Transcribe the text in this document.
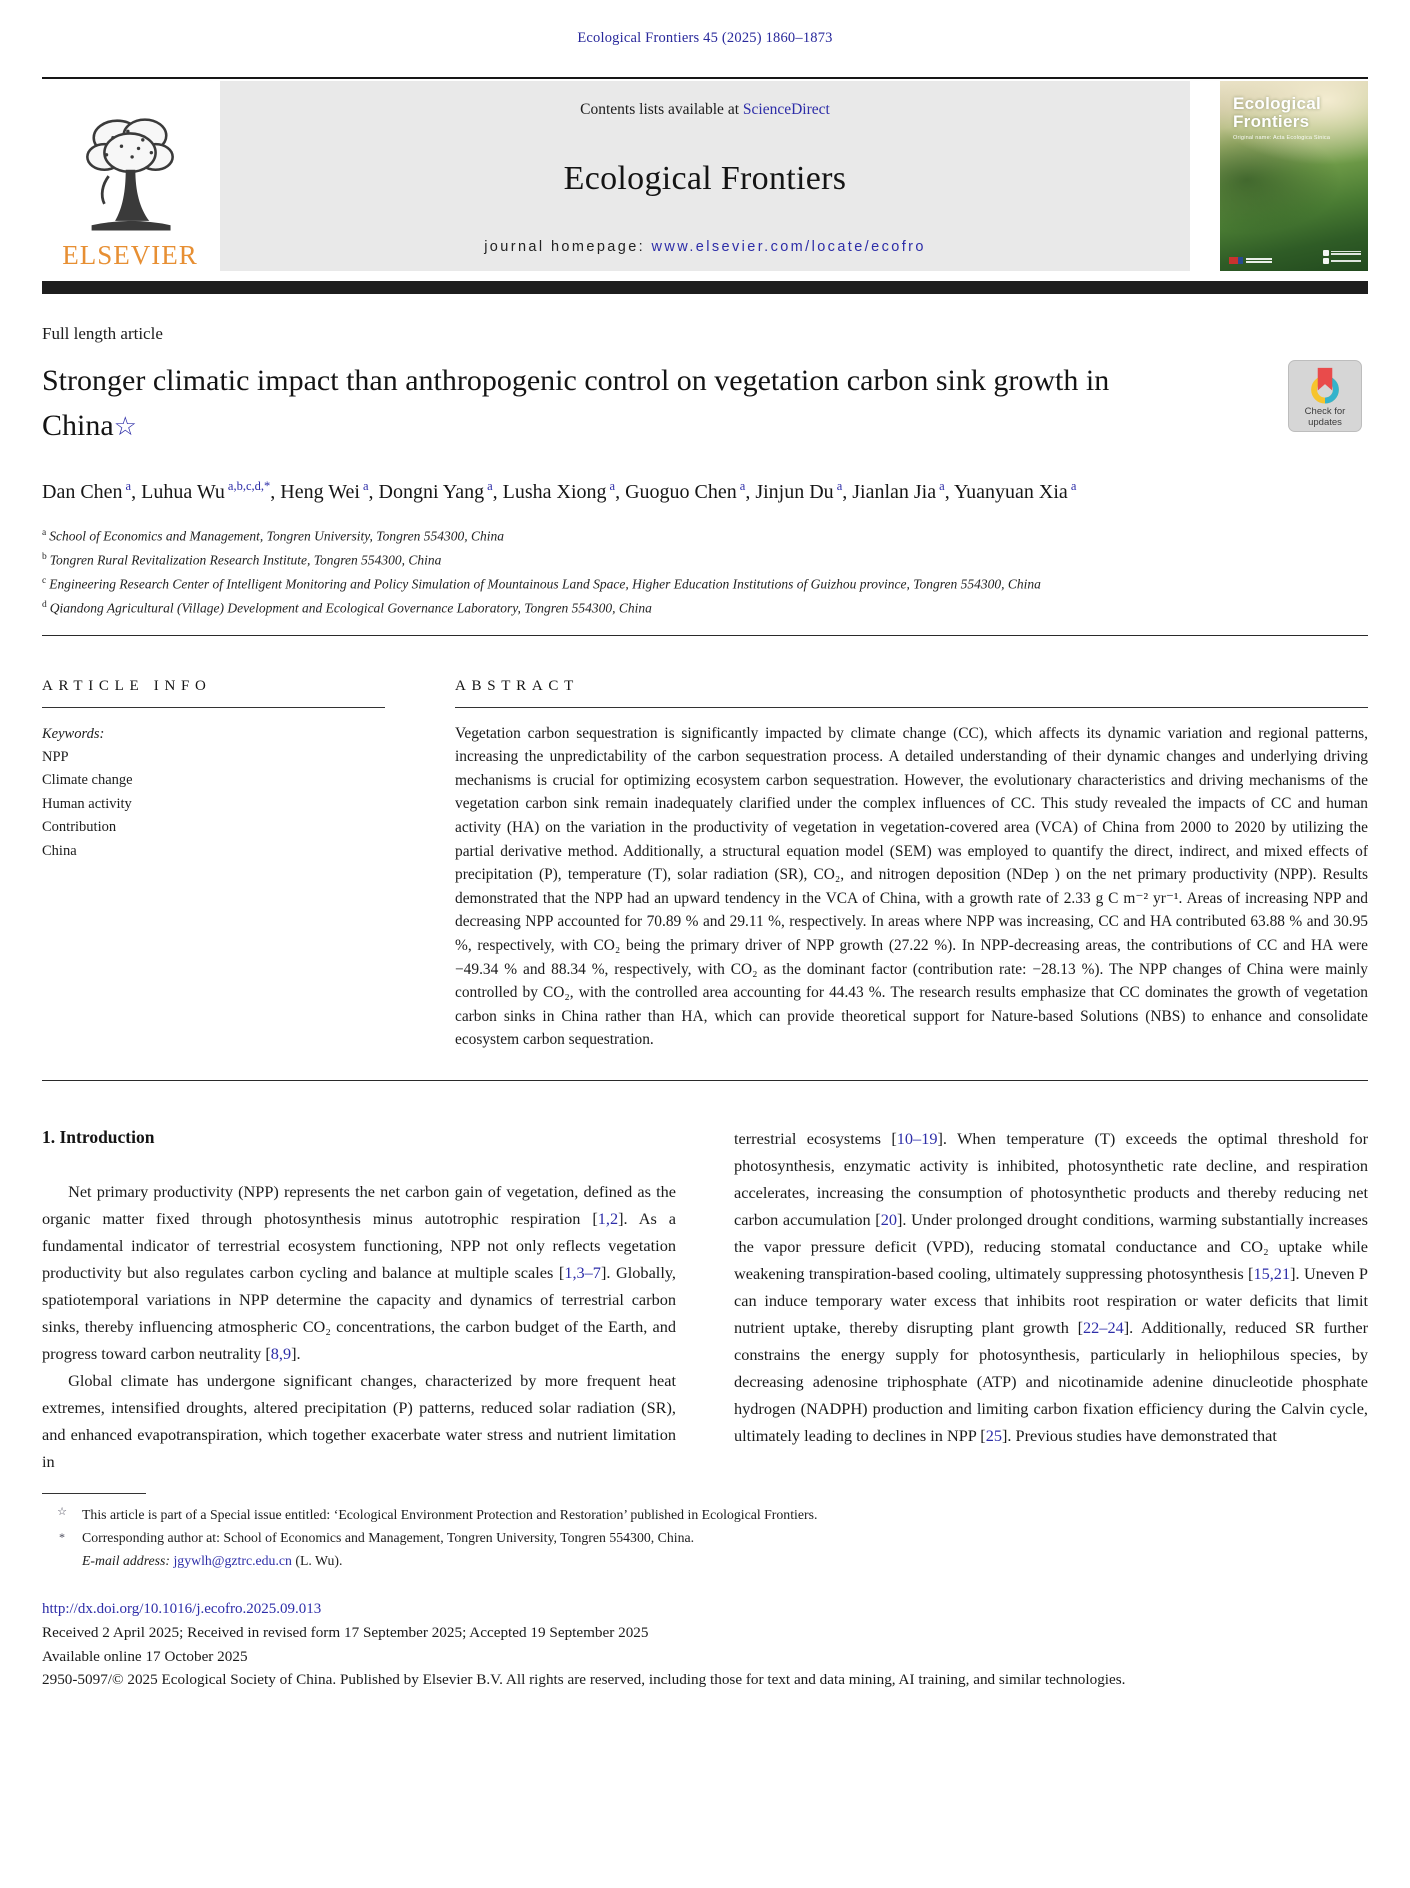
Ecological Frontiers 45 (2025) 1860–1873
ELSEVIER
Contents lists available at ScienceDirect
Ecological Frontiers
journal homepage: www.elsevier.com/locate/ecofro
Ecological
Frontiers
Original name: Acta Ecologica Sinica
Full length article
Stronger climatic impact than anthropogenic control on vegetation carbon sink growth in China☆
Check for
updates
Dan Chen $^a$, Luhua Wu $^{a,b,c,d,*}$, Heng Wei $^a$, Dongni Yang $^a$, Lusha Xiong $^a$, Guoguo Chen $^a$, Jinjun Du $^a$, Jianlan Jia $^a$, Yuanyuan Xia $^a$
$^a$ School of Economics and Management, Tongren University, Tongren 554300, China
$^b$ Tongren Rural Revitalization Research Institute, Tongren 554300, China
$^c$ Engineering Research Center of Intelligent Monitoring and Policy Simulation of Mountainous Land Space, Higher Education Institutions of Guizhou province, Tongren 554300, China
$^d$ Qiandong Agricultural (Village) Development and Ecological Governance Laboratory, Tongren 554300, China
ARTICLE INFO
Keywords:
NPP
Climate change
Human activity
Contribution
China
ABSTRACT
Vegetation carbon sequestration is significantly impacted by climate change (CC), which affects its dynamic variation and regional patterns, increasing the unpredictability of the carbon sequestration process. A detailed understanding of their dynamic changes and underlying driving mechanisms is crucial for optimizing ecosystem carbon sequestration. However, the evolutionary characteristics and driving mechanisms of the vegetation carbon sink remain inadequately clarified under the complex influences of CC. This study revealed the impacts of CC and human activity (HA) on the variation in the productivity of vegetation in vegetation-covered area (VCA) of China from 2000 to 2020 by utilizing the partial derivative method. Additionally, a structural equation model (SEM) was employed to quantify the direct, indirect, and mixed effects of precipitation (P), temperature (T), solar radiation (SR), CO₂, and nitrogen deposition (NDep ) on the net primary productivity (NPP). Results demonstrated that the NPP had an upward tendency in the VCA of China, with a growth rate of 2.33 g C m⁻² yr⁻¹. Areas of increasing NPP and decreasing NPP accounted for 70.89 % and 29.11 %, respectively. In areas where NPP was increasing, CC and HA contributed 63.88 % and 30.95 %, respectively, with CO₂ being the primary driver of NPP growth (27.22 %). In NPP-decreasing areas, the contributions of CC and HA were −49.34 % and 88.34 %, respectively, with CO₂ as the dominant factor (contribution rate: −28.13 %). The NPP changes of China were mainly controlled by CO₂, with the controlled area accounting for 44.43 %. The research results emphasize that CC dominates the growth of vegetation carbon sinks in China rather than HA, which can provide theoretical support for Nature-based Solutions (NBS) to enhance and consolidate ecosystem carbon sequestration.
1. Introduction

Net primary productivity (NPP) represents the net carbon gain of vegetation, defined as the organic matter fixed through photosynthesis minus autotrophic respiration [1,2]. As a fundamental indicator of terrestrial ecosystem functioning, NPP not only reflects vegetation productivity but also regulates carbon cycling and balance at multiple scales [1,3–7]. Globally, spatiotemporal variations in NPP determine the capacity and dynamics of terrestrial carbon sinks, thereby influencing atmospheric CO₂ concentrations, the carbon budget of the Earth, and progress toward carbon neutrality [8,9].

Global climate has undergone significant changes, characterized by more frequent heat extremes, intensified droughts, altered precipitation (P) patterns, reduced solar radiation (SR), and enhanced evapotranspiration, which together exacerbate water stress and nutrient limitation in

terrestrial ecosystems [10–19]. When temperature (T) exceeds the optimal threshold for photosynthesis, enzymatic activity is inhibited, photosynthetic rate decline, and respiration accelerates, increasing the consumption of photosynthetic products and thereby reducing net carbon accumulation [20]. Under prolonged drought conditions, warming substantially increases the vapor pressure deficit (VPD), reducing stomatal conductance and CO₂ uptake while weakening transpiration-based cooling, ultimately suppressing photosynthesis [15,21]. Uneven P can induce temporary water excess that inhibits root respiration or water deficits that limit nutrient uptake, thereby disrupting plant growth [22–24]. Additionally, reduced SR further constrains the energy supply for photosynthesis, particularly in heliophilous species, by decreasing adenosine triphosphate (ATP) and nicotinamide adenine dinucleotide phosphate hydrogen (NADPH) production and limiting carbon fixation efficiency during the Calvin cycle, ultimately leading to declines in NPP [25]. Previous studies have demonstrated that

☆	This article is part of a Special issue entitled: ‘Ecological Environment Protection and Restoration’ published in Ecological Frontiers.
*	Corresponding author at: School of Economics and Management, Tongren University, Tongren 554300, China.
E-mail address: jgywlh@gztrc.edu.cn (L. Wu).
http://dx.doi.org/10.1016/j.ecofro.2025.09.013
Received 2 April 2025; Received in revised form 17 September 2025; Accepted 19 September 2025
Available online 17 October 2025
2950-5097/© 2025 Ecological Society of China. Published by Elsevier B.V. All rights are reserved, including those for text and data mining, AI training, and similar technologies.
